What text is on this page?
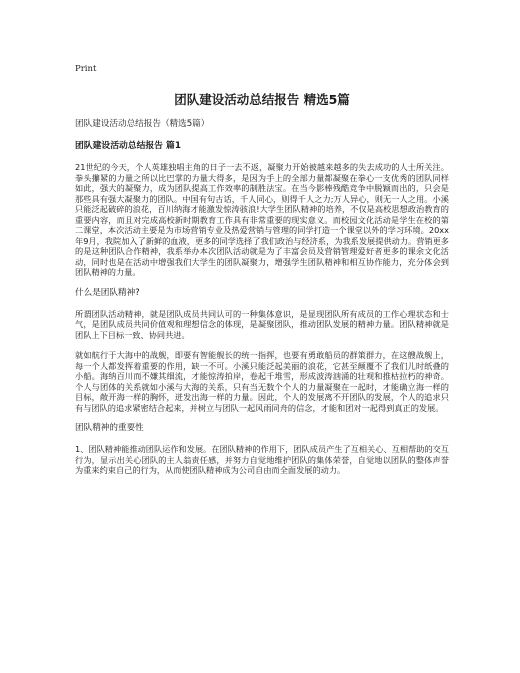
Print
团队建设活动总结报告 精选5篇

团队建设活动总结报告（精选5篇）

团队建设活动总结报告 篇1

21世纪的今天，个人英雄独唱主角的日子一去不返，凝聚力开始被越来越多的失去成功的人士所关注。拳头攥紧的力量之所以比巴掌的力量大得多，是因为手上的全部力量都凝聚在拳心一支优秀的团队同样如此，强大的凝聚力，成为团队提高工作效率的制胜法宝。在当今影棒残酷竞争中脱颖而出的，只会是那些具有强大凝聚力的团队。中国有句古话，千人同心，则得千人之力;万人异心，则无一人之用。小溪只能泛起破碎的浪花，百川纳海才能激发惊涛骇浪!大学生团队精神的培养，不仅是高校思想政治教育的重要内容，而且对完成高校新时期教育工作具有非常重要的现实意义。而校园文化活动是学生在校的第二课堂，本次活动主要是为市场营销专业及热爱营销与管理的同学打造一个课堂以外的学习环境。20xx年9月，我院加入了新鲜的血液，更多的同学选择了我们政治与经济系，为我系发展提供动力。营销更多的是这种团队合作精神，我系举办本次团队活动就是为了丰富会员及营销管理爱好者更多的课余文化活动，同时也是在活动中增强我们大学生的团队凝聚力，增强学生团队精神和相互协作能力，充分体会到团队精神的力量。

什么是团队精神?

所谓团队活动精神，就是团队成员共同认可的一种集体意识，是显现团队所有成员的工作心理状态和士气，是团队成员共同价值观和理想信念的体现，是凝聚团队，推动团队发展的精神力量。团队精神就是团队上下目标一致、协同共进。

就如航行于大海中的战舰，即要有智能舰长的统一指挥，也要有勇敢船员的群策群力，在这艘战舰上，每一个人都发挥着重要的作用，缺一不可。小溪只能泛起美丽的浪花，它甚至颠覆不了我们儿时纸叠的小船。海纳百川而不嫌其细流，才能惊涛拍岸，卷起千堆雪，形成波涛汹涌的壮观和推枯拉朽的神奇。个人与团体的关系就如小溪与大海的关系，只有当无数个个人的力量凝聚在一起时，才能确立海一样的目标，敞开海一样的胸怀，迸发出海一样的力量。因此，个人的发展离不开团队的发展，个人的追求只有与团队的追求紧密结合起来，并树立与团队一起风雨同舟的信念，才能和团对一起得到真正的发展。

团队精神的重要性

1、团队精神能推动团队运作和发展。在团队精神的作用下，团队成员产生了互相关心、互相帮助的交互行为，显示出关心团队的主人翁责任感，并努力自觉地维护团队的集体荣誉，自觉地以团队的整体声誉为重来约束自己的行为，从而使团队精神成为公司自由而全面发展的动力。
